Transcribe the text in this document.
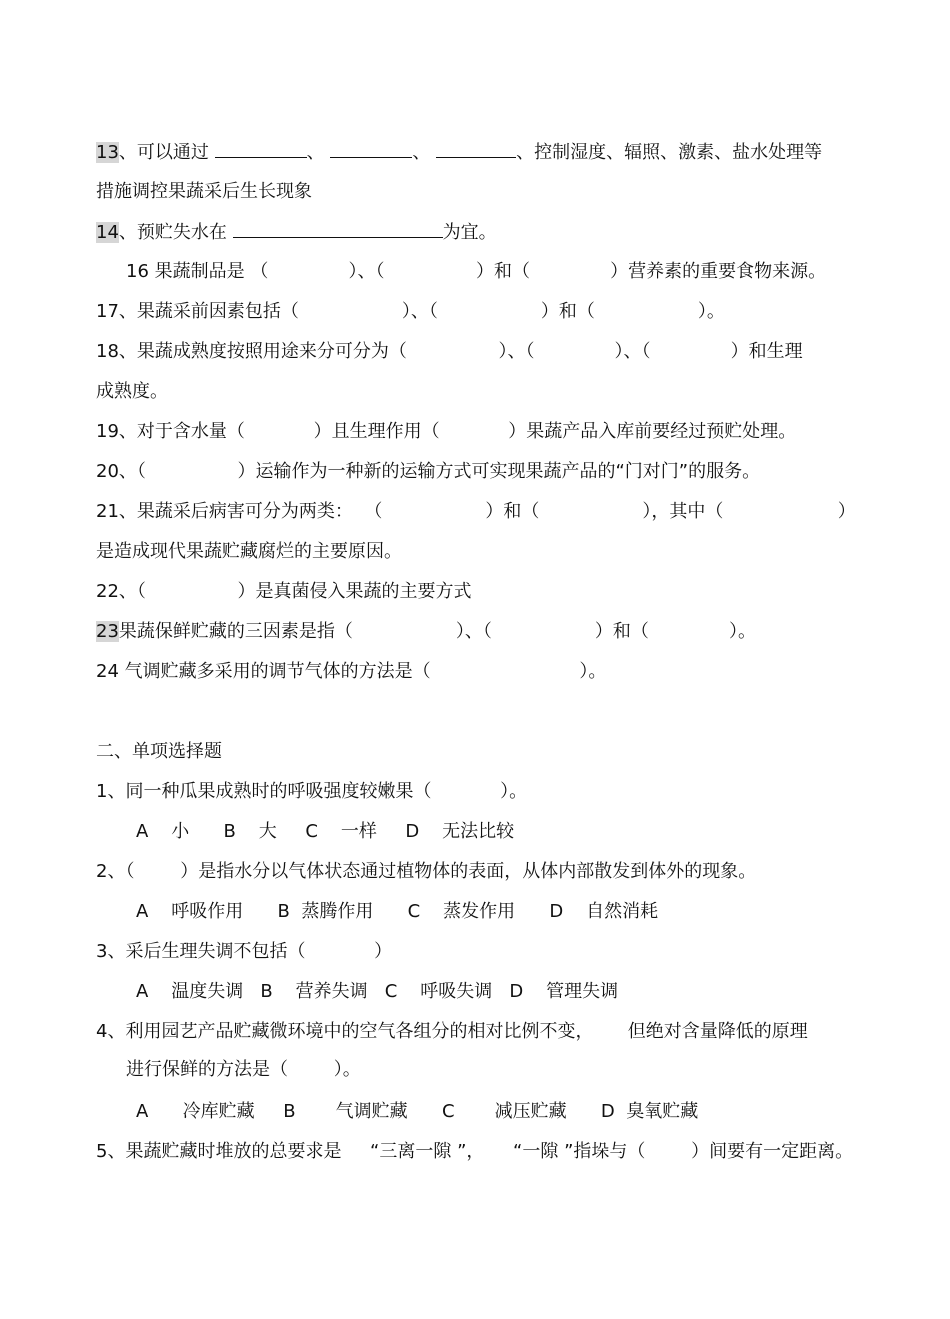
13、可以通过	、	、	、控制湿度、辐照、激素、盐水处理等
措施调控果蔬采后生长现象
14、预贮失水在	为宜。
16 果蔬制品是 （              ）、（                ）和（              ）营养素的重要食物来源。
17、果蔬采前因素包括（                  ）、（                  ）和（                  ）。
18、果蔬成熟度按照用途来分可分为（                ）、（              ）、（              ）和生理
成熟度。
19、对于含水量（            ）且生理作用（            ）果蔬产品入库前要经过预贮处理。
20、（                ）运输作为一种新的运输方式可实现果蔬产品的“门对门”的服务。
21、果蔬采后病害可分为两类：  （                  ）和（                  ），其中（                    ）
是造成现代果蔬贮藏腐烂的主要原因。
22、（                ）是真菌侵入果蔬的主要方式
23果蔬保鲜贮藏的三因素是指（                  ）、（                  ）和（              ）。
24 气调贮藏多采用的调节气体的方法是（                          ）。
二、单项选择题
1、同一种瓜果成熟时的呼吸强度较嫩果（            ）。
A    小      B    大     C    一样     D    无法比较
2、（        ）是指水分以气体状态通过植物体的表面，从体内部散发到体外的现象。
A    呼吸作用      B  蒸腾作用      C    蒸发作用      D    自然消耗
3、采后生理失调不包括（            ）
A    温度失调   B    营养失调   C    呼吸失调   D    管理失调
4、利用园艺产品贮藏微环境中的空气各组分的相对比例不变，      但绝对含量降低的原理
进行保鲜的方法是（        ）。
A      冷库贮藏     B       气调贮藏      C       减压贮藏      D  臭氧贮藏
5、果蔬贮藏时堆放的总要求是     “三离一隙 ”，     “一隙 ”指垛与（        ）间要有一定距离。
